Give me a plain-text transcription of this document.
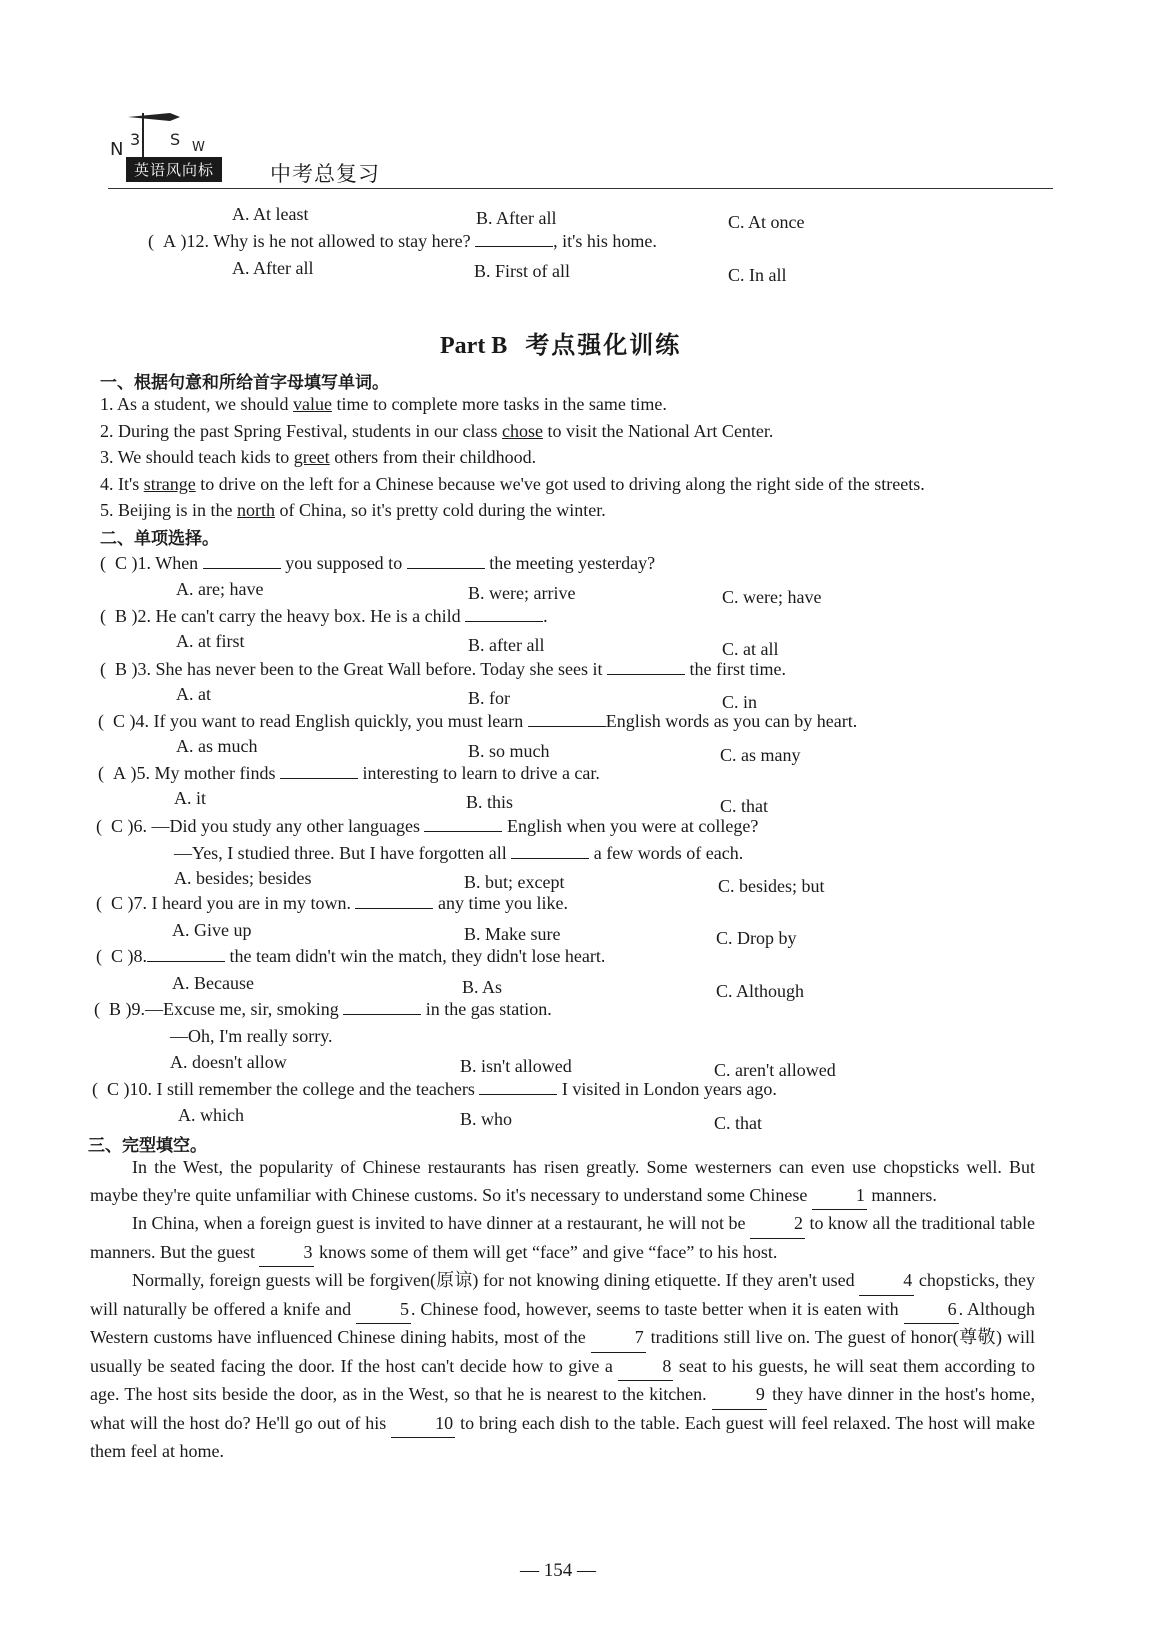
N 3 S W
英语风向标	中考总复习
A. At least	B. After all	C. At once
(  A )12. Why is he not allowed to stay here?	, it's his home.
A. After all	B. First of all	C. In all
Part B 考点强化训练
一、根据句意和所给首字母填写单词。
1. As a student, we should value time to complete more tasks in the same time.
2. During the past Spring Festival, students in our class chose to visit the National Art Center.
3. We should teach kids to greet others from their childhood.
4. It's strange to drive on the left for a Chinese because we've got used to driving along the right side of the streets.
5. Beijing is in the north of China, so it's pretty cold during the winter.
二、单项选择。
(  C )1. When	you supposed to	the meeting yesterday?
A. are; have	B. were; arrive	C. were; have
(  B )2. He can't carry the heavy box. He is a child	.
A. at first	B. after all	C. at all
(  B )3. She has never been to the Great Wall before. Today she sees it	the first time.
A. at	B. for	C. in
(  C )4. If you want to read English quickly, you must learn	English words as you can by heart.
A. as much	B. so much	C. as many
(  A )5. My mother finds	interesting to learn to drive a car.
A. it	B. this	C. that
(  C )6. —Did you study any other languages	English when you were at college?
—Yes, I studied three. But I have forgotten all	a few words of each.
A. besides; besides	B. but; except	C. besides; but
(  C )7. I heard you are in my town.	any time you like.
A. Give up	B. Make sure	C. Drop by
(  C )8.	the team didn't win the match, they didn't lose heart.
A. Because	B. As	C. Although
(  B )9.—Excuse me, sir, smoking	in the gas station.
—Oh, I'm really sorry.
A. doesn't allow	B. isn't allowed	C. aren't allowed
(  C )10. I still remember the college and the teachers	I visited in London years ago.
A. which	B. who	C. that
三、完型填空。

In the West, the popularity of Chinese restaurants has risen greatly. Some westerners can even use chopsticks well. But maybe they're quite unfamiliar with Chinese customs. So it's necessary to understand some Chinese 1 manners.

In China, when a foreign guest is invited to have dinner at a restaurant, he will not be 2 to know all the traditional table manners. But the guest 3 knows some of them will get “face” and give “face” to his host.

Normally, foreign guests will be forgiven(原谅) for not knowing dining etiquette. If they aren't used 4 chopsticks, they will naturally be offered a knife and 5 . Chinese food, however, seems to taste better when it is eaten with 6 . Although Western customs have influenced Chinese dining habits, most of the 7 traditions still live on. The guest of honor(尊敬) will usually be seated facing the door. If the host can't decide how to give a 8 seat to his guests, he will seat them according to age. The host sits beside the door, as in the West, so that he is nearest to the kitchen. 9 they have dinner in the host's home, what will the host do? He'll go out of his 10 to bring each dish to the table. Each guest will feel relaxed. The host will make them feel at home.

— 154 —
